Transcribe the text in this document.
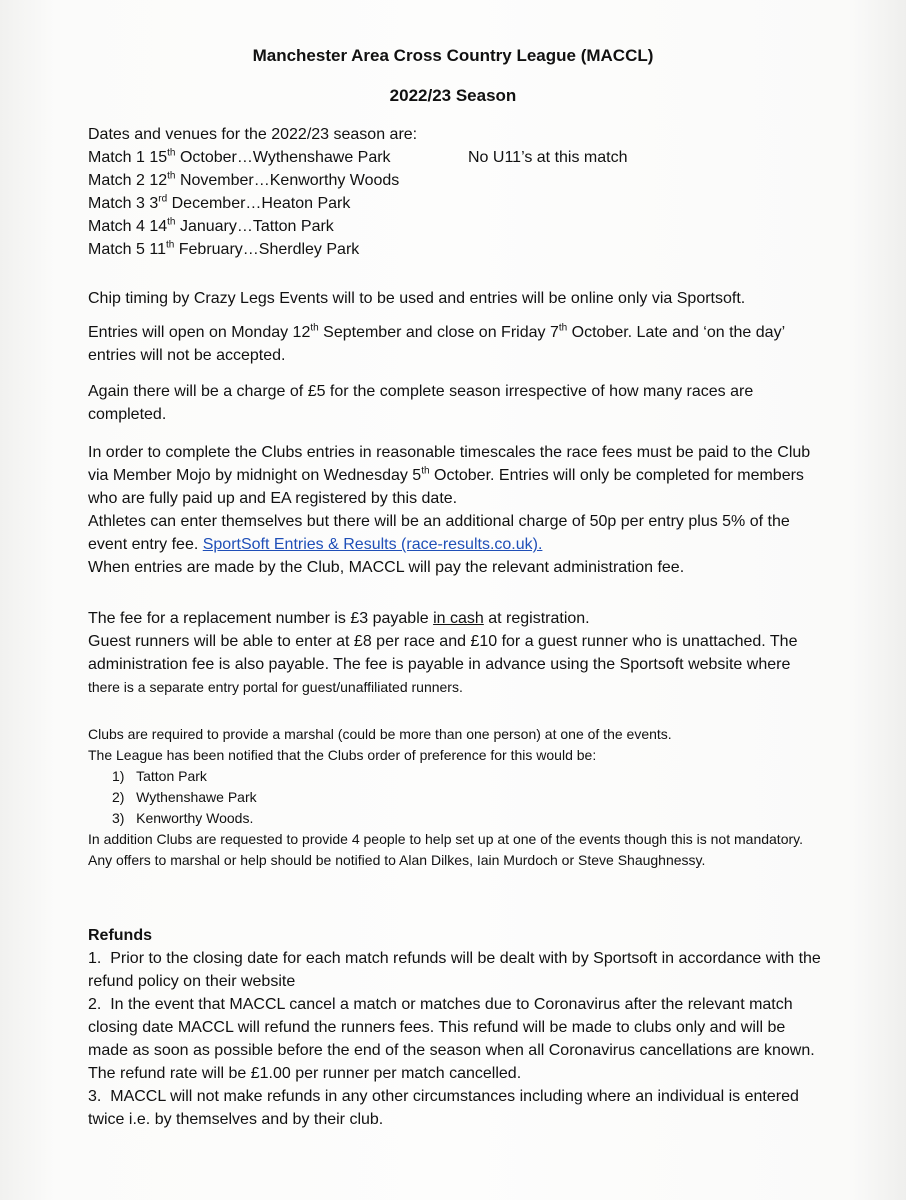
Manchester Area Cross Country League (MACCL)
2022/23 Season
Dates and venues for the 2022/23 season are:
Match 1 15th October…Wythenshawe Park
Match 2 12th November…Kenworthy Woods
Match 3 3rd December…Heaton Park
Match 4 14th January…Tatton Park
Match 5 11th February…Sherdley Park

No U11’s at this match

Chip timing by Crazy Legs Events will to be used and entries will be online only via Sportsoft.

Entries will open on Monday 12th September and close on Friday 7th October. Late and ‘on the day’ entries will not be accepted.

Again there will be a charge of £5 for the complete season irrespective of how many races are completed.

In order to complete the Clubs entries in reasonable timescales the race fees must be paid to the Club via Member Mojo by midnight on Wednesday 5th October. Entries will only be completed for members who are fully paid up and EA registered by this date.
Athletes can enter themselves but there will be an additional charge of 50p per entry plus 5% of the event entry fee. SportSoft Entries & Results (race-results.co.uk).
When entries are made by the Club, MACCL will pay the relevant administration fee.
The fee for a replacement number is £3 payable in cash at registration.
Guest runners will be able to enter at £8 per race and £10 for a guest runner who is unattached. The administration fee is also payable. The fee is payable in advance using the Sportsoft website where there is a separate entry portal for guest/unaffiliated runners.
Clubs are required to provide a marshal (could be more than one person) at one of the events.
The League has been notified that the Clubs order of preference for this would be:
1)   Tatton Park
2)   Wythenshawe Park
3)   Kenworthy Woods.
In addition Clubs are requested to provide 4 people to help set up at one of the events though this is not mandatory.
Any offers to marshal or help should be notified to Alan Dilkes, Iain Murdoch or Steve Shaughnessy.
Refunds
1.  Prior to the closing date for each match refunds will be dealt with by Sportsoft in accordance with the refund policy on their website
2.  In the event that MACCL cancel a match or matches due to Coronavirus after the relevant match closing date MACCL will refund the runners fees. This refund will be made to clubs only and will be made as soon as possible before the end of the season when all Coronavirus cancellations are known.  The refund rate will be £1.00 per runner per match cancelled.
3.  MACCL will not make refunds in any other circumstances including where an individual is entered twice i.e. by themselves and by their club.
